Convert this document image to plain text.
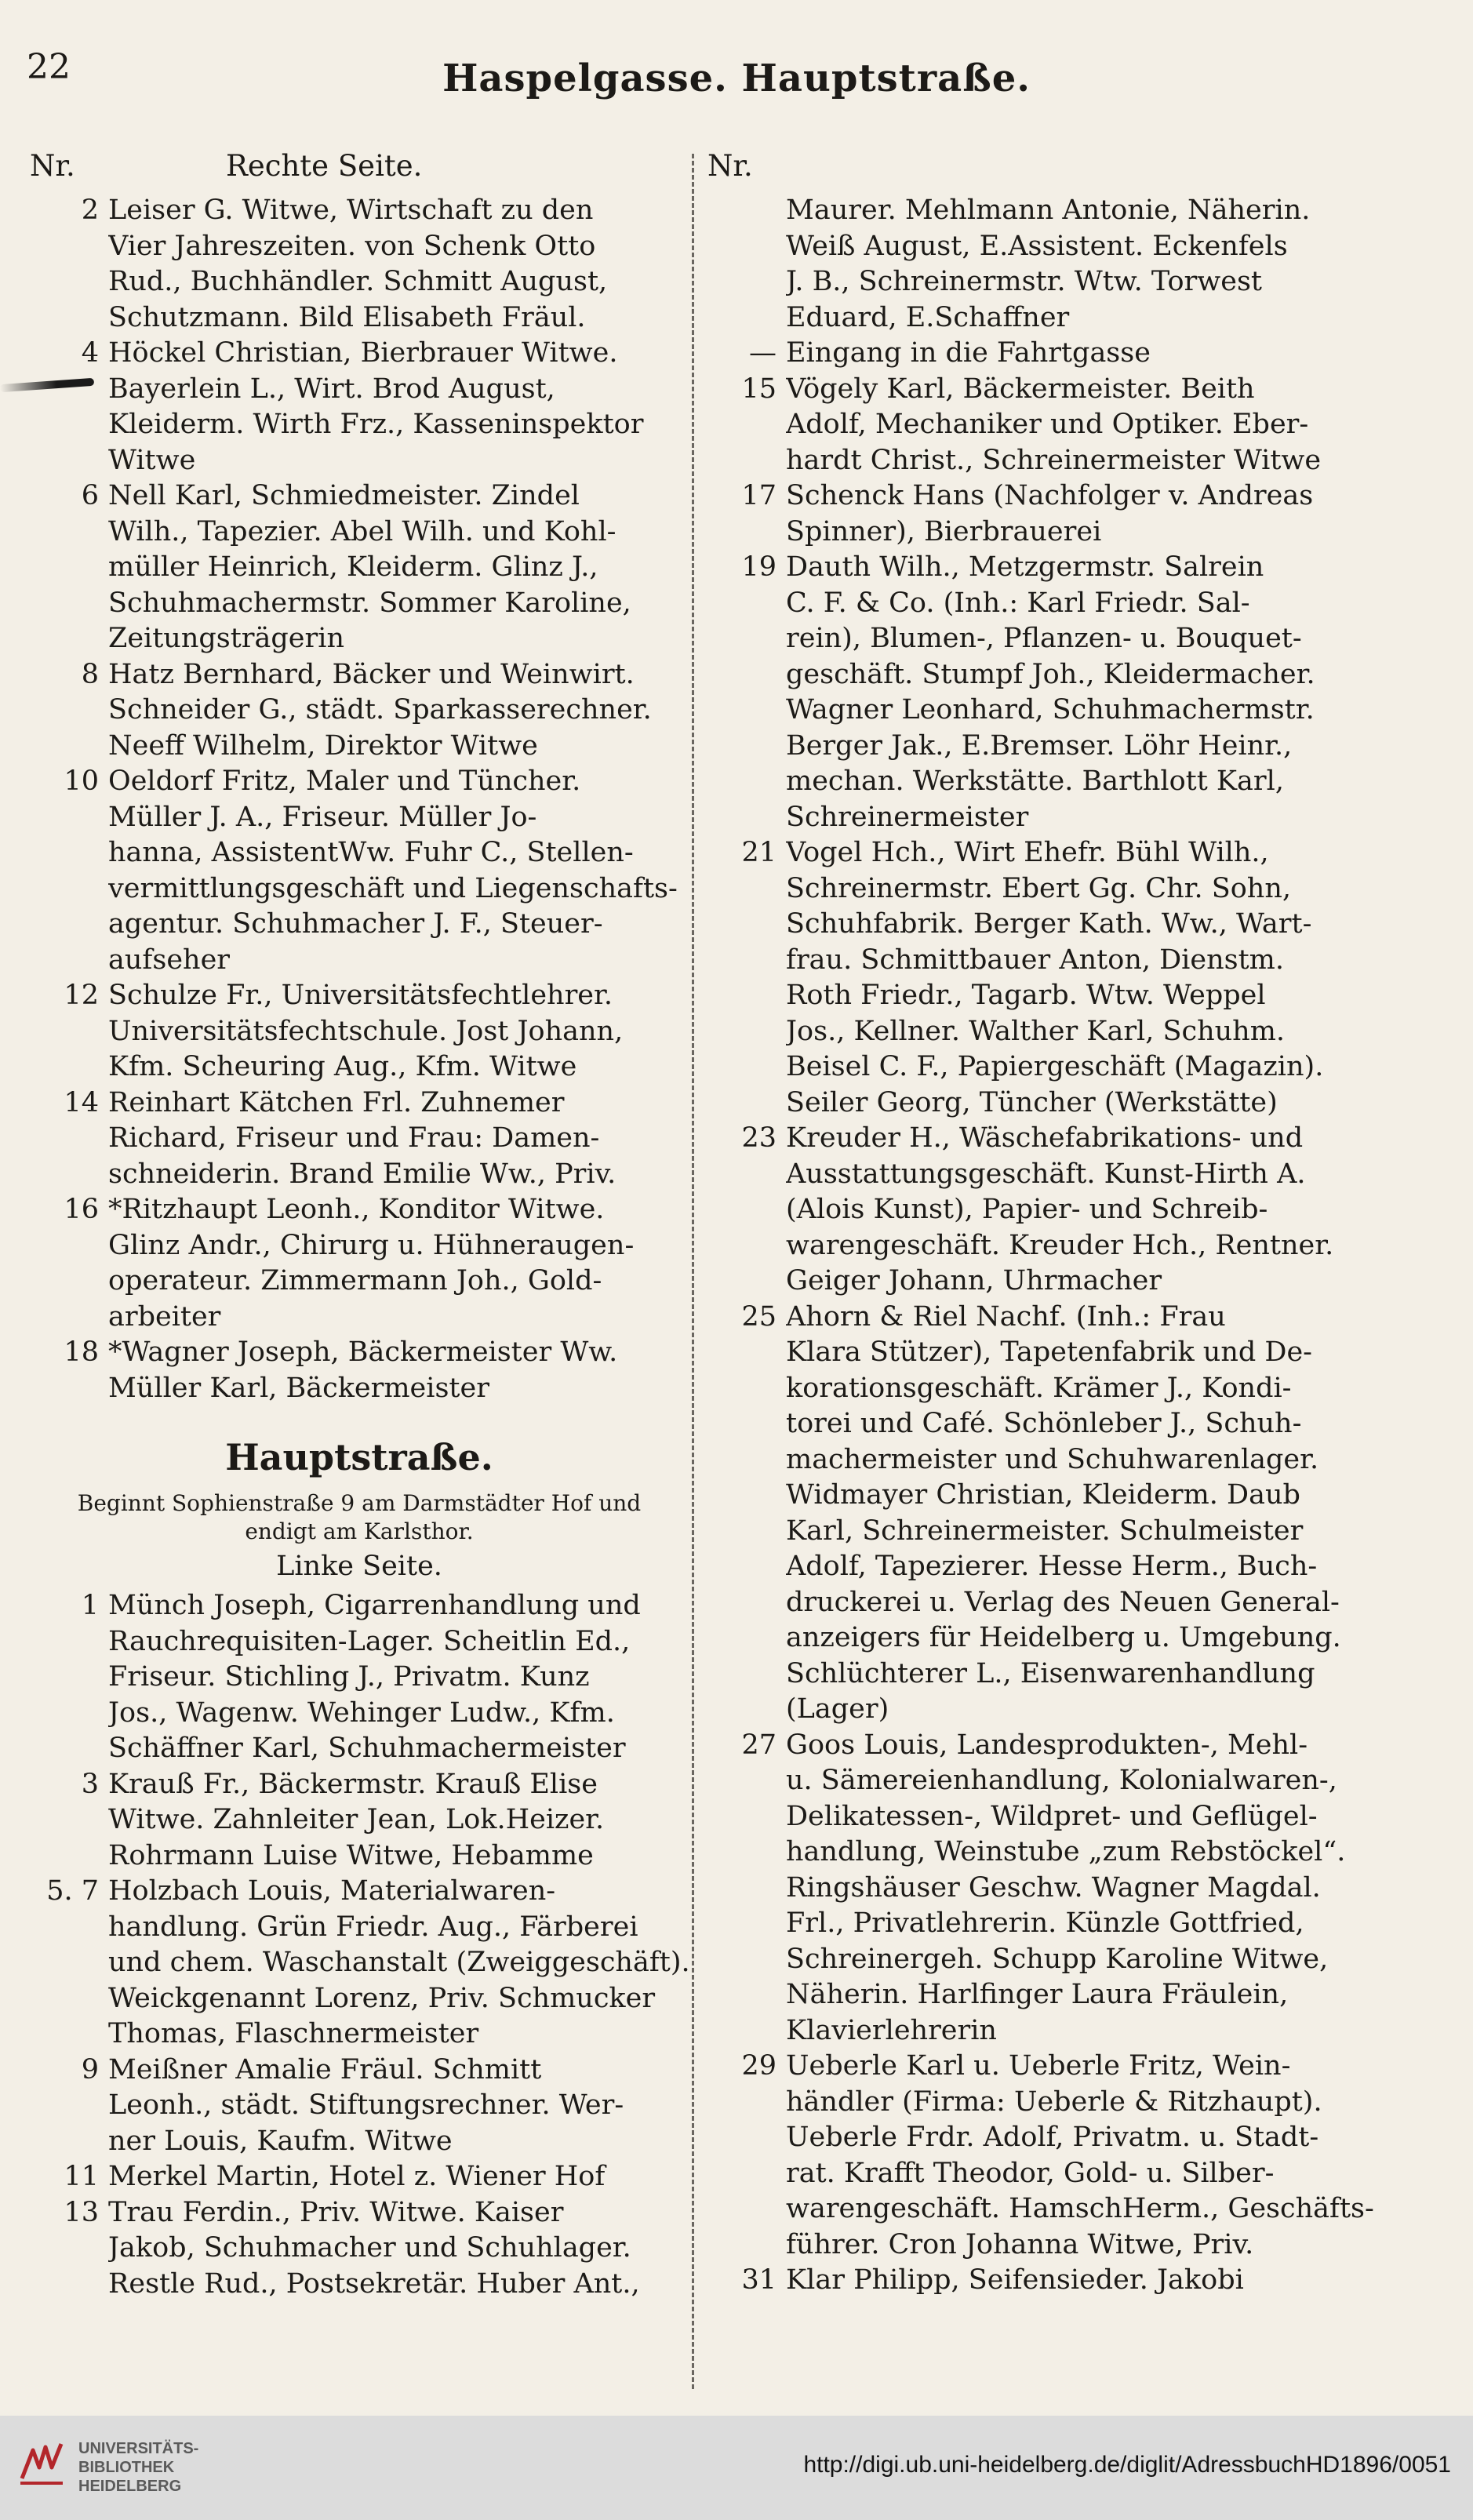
22	Haspelgasse. Hauptstraße.
Nr.	Rechte Seite.
2 Leiser G. Witwe, Wirtschaft zu den
Vier Jahreszeiten. von Schenk Otto
Rud., Buchhändler. Schmitt August,
Schutzmann. Bild Elisabeth Fräul.
4 Höckel Christian, Bierbrauer Witwe.
Bayerlein L., Wirt. Brod August,
Kleiderm. Wirth Frz., Kasseninspektor
Witwe
6 Nell Karl, Schmiedmeister. Zindel
Wilh., Tapezier. Abel Wilh. und Kohl-
müller Heinrich, Kleiderm. Glinz J.,
Schuhmachermstr. Sommer Karoline,
Zeitungsträgerin
8 Hatz Bernhard, Bäcker und Weinwirt.
Schneider G., städt. Sparkasserechner.
Neeff Wilhelm, Direktor Witwe
10 Oeldorf Fritz, Maler und Tüncher.
Müller J. A., Friseur. Müller Jo-
hanna, AssistentWw. Fuhr C., Stellen-
vermittlungsgeschäft und Liegenschafts-
agentur. Schuhmacher J. F., Steuer-
aufseher
12 Schulze Fr., Universitätsfechtlehrer.
Universitätsfechtschule. Jost Johann,
Kfm. Scheuring Aug., Kfm. Witwe
14 Reinhart Kätchen Frl. Zuhnemer
Richard, Friseur und Frau: Damen-
schneiderin. Brand Emilie Ww., Priv.
16 *Ritzhaupt Leonh., Konditor Witwe.
Glinz Andr., Chirurg u. Hühneraugen-
operateur. Zimmermann Joh., Gold-
arbeiter
18 *Wagner Joseph, Bäckermeister Ww.
Müller Karl, Bäckermeister
Hauptstraße.
Beginnt Sophienstraße 9 am Darmstädter Hof und
endigt am Karlsthor.
Linke Seite.
1 Münch Joseph, Cigarrenhandlung und
Rauchrequisiten-Lager. Scheitlin Ed.,
Friseur. Stichling J., Privatm. Kunz
Jos., Wagenw. Wehinger Ludw., Kfm.
Schäffner Karl, Schuhmachermeister
3 Krauß Fr., Bäckermstr. Krauß Elise
Witwe. Zahnleiter Jean, Lok.Heizer.
Rohrmann Luise Witwe, Hebamme
5. 7 Holzbach Louis, Materialwaren-
handlung. Grün Friedr. Aug., Färberei
und chem. Waschanstalt (Zweiggeschäft).
Weickgenannt Lorenz, Priv. Schmucker
Thomas, Flaschnermeister
9 Meißner Amalie Fräul. Schmitt
Leonh., städt. Stiftungsrechner. Wer-
ner Louis, Kaufm. Witwe
11 Merkel Martin, Hotel z. Wiener Hof
13 Trau Ferdin., Priv. Witwe. Kaiser
Jakob, Schuhmacher und Schuhlager.
Restle Rud., Postsekretär. Huber Ant.,
Nr.
Maurer. Mehlmann Antonie, Näherin.
Weiß August, E.Assistent. Eckenfels
J. B., Schreinermstr. Wtw. Torwest
Eduard, E.Schaffner
— Eingang in die Fahrtgasse
15 Vögely Karl, Bäckermeister. Beith
Adolf, Mechaniker und Optiker. Eber-
hardt Christ., Schreinermeister Witwe
17 Schenck Hans (Nachfolger v. Andreas
Spinner), Bierbrauerei
19 Dauth Wilh., Metzgermstr. Salrein
C. F. & Co. (Inh.: Karl Friedr. Sal-
rein), Blumen-, Pflanzen- u. Bouquet-
geschäft. Stumpf Joh., Kleidermacher.
Wagner Leonhard, Schuhmachermstr.
Berger Jak., E.Bremser. Löhr Heinr.,
mechan. Werkstätte. Barthlott Karl,
Schreinermeister
21 Vogel Hch., Wirt Ehefr. Bühl Wilh.,
Schreinermstr. Ebert Gg. Chr. Sohn,
Schuhfabrik. Berger Kath. Ww., Wart-
frau. Schmittbauer Anton, Dienstm.
Roth Friedr., Tagarb. Wtw. Weppel
Jos., Kellner. Walther Karl, Schuhm.
Beisel C. F., Papiergeschäft (Magazin).
Seiler Georg, Tüncher (Werkstätte)
23 Kreuder H., Wäschefabrikations- und
Ausstattungsgeschäft. Kunst-Hirth A.
(Alois Kunst), Papier- und Schreib-
warengeschäft. Kreuder Hch., Rentner.
Geiger Johann, Uhrmacher
25 Ahorn & Riel Nachf. (Inh.: Frau
Klara Stützer), Tapetenfabrik und De-
korationsgeschäft. Krämer J., Kondi-
torei und Café. Schönleber J., Schuh-
machermeister und Schuhwarenlager.
Widmayer Christian, Kleiderm. Daub
Karl, Schreinermeister. Schulmeister
Adolf, Tapezierer. Hesse Herm., Buch-
druckerei u. Verlag des Neuen General-
anzeigers für Heidelberg u. Umgebung.
Schlüchterer L., Eisenwarenhandlung
(Lager)
27 Goos Louis, Landesprodukten-, Mehl-
u. Sämereienhandlung, Kolonialwaren-,
Delikatessen-, Wildpret- und Geflügel-
handlung, Weinstube „zum Rebstöckel“.
Ringshäuser Geschw. Wagner Magdal.
Frl., Privatlehrerin. Künzle Gottfried,
Schreinergeh. Schupp Karoline Witwe,
Näherin. Harlfinger Laura Fräulein,
Klavierlehrerin
29 Ueberle Karl u. Ueberle Fritz, Wein-
händler (Firma: Ueberle & Ritzhaupt).
Ueberle Frdr. Adolf, Privatm. u. Stadt-
rat. Krafft Theodor, Gold- u. Silber-
warengeschäft. HamschHerm., Geschäfts-
führer. Cron Johanna Witwe, Priv.
31 Klar Philipp, Seifensieder. Jakobi
UNIVERSITÄTS-
BIBLIOTHEK
HEIDELBERG
http://digi.ub.uni-heidelberg.de/diglit/AdressbuchHD1896/0051
